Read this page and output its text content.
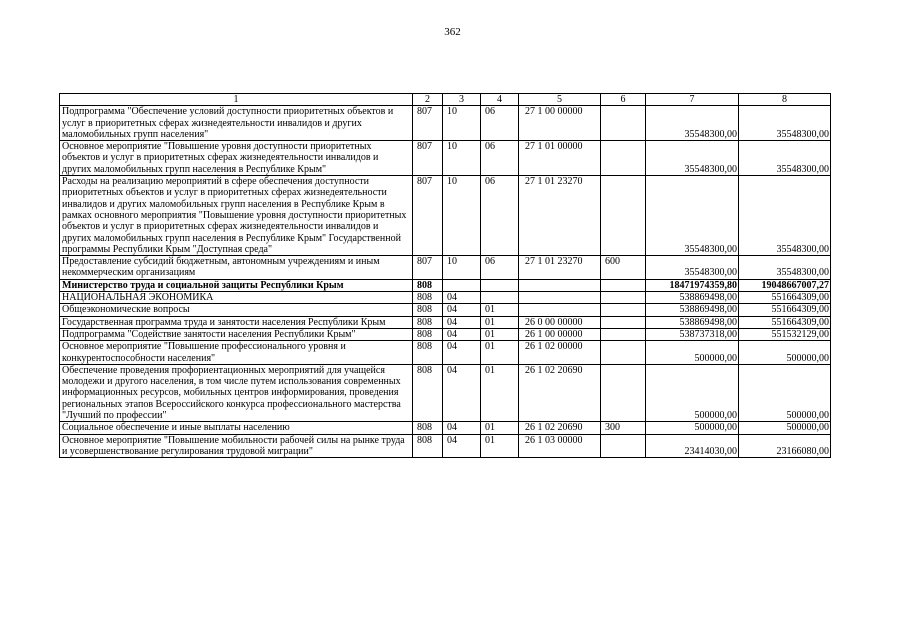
362
1	2	3	4	5	6	7	8
Подпрограмма "Обеспечение условий доступности приоритетных объектов и услуг в приоритетных сферах жизнедеятельности инвалидов и других маломобильных групп населения"	807	10	06	27 1 00 00000		35548300,00	35548300,00
Основное мероприятие "Повышение уровня доступности приоритетных объектов и услуг в приоритетных сферах жизнедеятельности инвалидов и других маломобильных групп населения в Республике Крым"	807	10	06	27 1 01 00000		35548300,00	35548300,00
Расходы на реализацию мероприятий в сфере обеспечения доступности приоритетных объектов и услуг в приоритетных сферах жизнедеятельности инвалидов и других маломобильных групп населения в Республике Крым в рамках основного мероприятия "Повышение уровня доступности приоритетных объектов и услуг в приоритетных сферах жизнедеятельности инвалидов и других маломобильных групп населения в Республике Крым" Государственной программы Республики Крым "Доступная среда"	807	10	06	27 1 01 23270		35548300,00	35548300,00
Предоставление субсидий бюджетным, автономным учреждениям и иным некоммерческим организациям	807	10	06	27 1 01 23270	600	35548300,00	35548300,00
Министерство труда и социальной защиты Республики Крым	808					18471974359,80	19048667007,27
НАЦИОНАЛЬНАЯ ЭКОНОМИКА	808	04				538869498,00	551664309,00
Общеэкономические вопросы	808	04	01			538869498,00	551664309,00
Государственная программа труда и занятости населения Республики Крым	808	04	01	26 0 00 00000		538869498,00	551664309,00
Подпрограмма "Содействие занятости населения Республики Крым"	808	04	01	26 1 00 00000		538737318,00	551532129,00
Основное мероприятие "Повышение профессионального уровня и конкурентоспособности населения"	808	04	01	26 1 02 00000		500000,00	500000,00
Обеспечение проведения профориентационных мероприятий для учащейся молодежи и другого населения, в том числе путем использования современных информационных ресурсов, мобильных центров информирования, проведения региональных этапов Всероссийского конкурса профессионального мастерства "Лучший по профессии"	808	04	01	26 1 02 20690		500000,00	500000,00
Социальное обеспечение и иные выплаты населению	808	04	01	26 1 02 20690	300	500000,00	500000,00
Основное мероприятие "Повышение мобильности рабочей силы на рынке труда и усовершенствование регулирования трудовой миграции"	808	04	01	26 1 03 00000		23414030,00	23166080,00
